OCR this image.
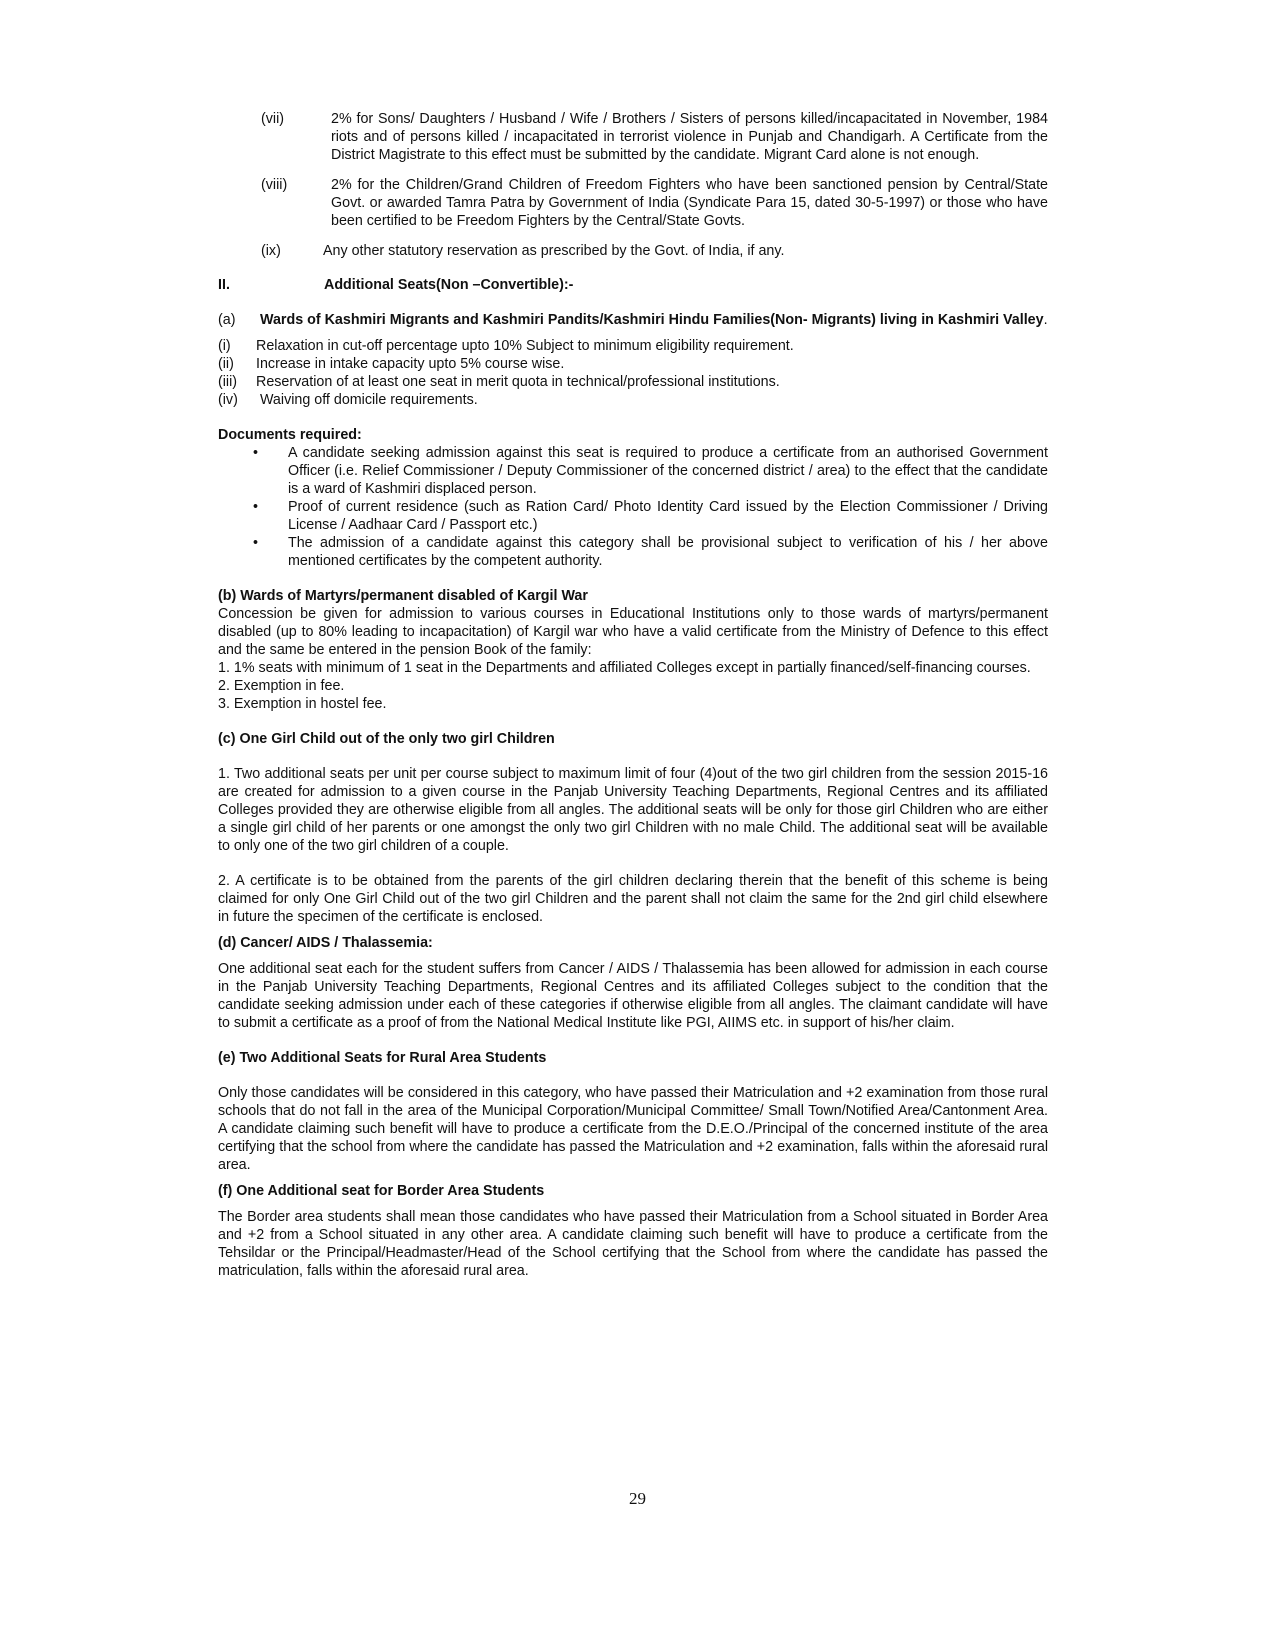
(vii)	2% for Sons/ Daughters / Husband / Wife / Brothers / Sisters of persons killed/incapacitated in November, 1984 riots and of persons killed / incapacitated in terrorist violence in Punjab and Chandigarh. A Certificate from the District Magistrate to this effect must be submitted by the candidate. Migrant Card alone is not enough.
(viii)	2% for the Children/Grand Children of Freedom Fighters who have been sanctioned pension by Central/State Govt. or awarded Tamra Patra by Government of India (Syndicate Para 15, dated 30-5-1997) or those who have been certified to be Freedom Fighters by the Central/State Govts.
(ix)	Any other statutory reservation as prescribed by the Govt. of India, if any.
II.	Additional Seats(Non –Convertible):-
(a)	Wards of Kashmiri Migrants and Kashmiri Pandits/Kashmiri Hindu Families(Non- Migrants) living in Kashmiri Valley.
(i)	Relaxation in cut-off percentage upto 10% Subject to minimum eligibility requirement.
(ii)	Increase in intake capacity upto 5% course wise.
(iii)	Reservation of at least one seat in merit quota in technical/professional institutions.
(iv)	Waiving off domicile requirements.
Documents required:
•	A candidate seeking admission against this seat is required to produce a certificate from an authorised Government Officer (i.e. Relief Commissioner / Deputy Commissioner of the concerned district / area) to the effect that the candidate is a ward of Kashmiri displaced person.
•	Proof of current residence (such as Ration Card/ Photo Identity Card issued by the Election Commissioner / Driving License / Aadhaar Card / Passport etc.)
•	The admission of a candidate against this category shall be provisional subject to verification of his / her above mentioned certificates by the competent authority.
(b) Wards of Martyrs/permanent disabled of Kargil War
Concession be given for admission to various courses in Educational Institutions only to those wards of martyrs/permanent disabled (up to 80% leading to incapacitation) of Kargil war who have a valid certificate from the Ministry of Defence to this effect and the same be entered in the pension Book of the family:
1. 1% seats with minimum of 1 seat in the Departments and affiliated Colleges except in partially financed/self-financing courses.
2. Exemption in fee.
3. Exemption in hostel fee.
(c) One Girl Child out of the only two girl Children
1. Two additional seats per unit per course subject to maximum limit of four (4)out of the two girl children from the session 2015-16 are created for admission to a given course in the Panjab University Teaching Departments, Regional Centres and its affiliated Colleges provided they are otherwise eligible from all angles. The additional seats will be only for those girl Children who are either a single girl child of her parents or one amongst the only two girl Children with no male Child. The additional seat will be available to only one of the two girl children of a couple.
2. A certificate is to be obtained from the parents of the girl children declaring therein that the benefit of this scheme is being claimed for only One Girl Child out of the two girl Children and the parent shall not claim the same for the 2nd girl child elsewhere in future the specimen of the certificate is enclosed.
(d) Cancer/ AIDS / Thalassemia:
One additional seat each for the student suffers from Cancer / AIDS / Thalassemia has been allowed for admission in each course in the Panjab University Teaching Departments, Regional Centres and its affiliated Colleges subject to the condition that the candidate seeking admission under each of these categories if otherwise eligible from all angles. The claimant candidate will have to submit a certificate as a proof of from the National Medical Institute like PGI, AIIMS etc. in support of his/her claim.
(e) Two Additional Seats for Rural Area Students
Only those candidates will be considered in this category, who have passed their Matriculation and +2 examination from those rural schools that do not fall in the area of the Municipal Corporation/Municipal Committee/ Small Town/Notified Area/Cantonment Area. A candidate claiming such benefit will have to produce a certificate from the D.E.O./Principal of the concerned institute of the area certifying that the school from where the candidate has passed the Matriculation and +2 examination, falls within the aforesaid rural area.
(f) One Additional seat for Border Area Students
The Border area students shall mean those candidates who have passed their Matriculation from a School situated in Border Area and +2 from a School situated in any other area. A candidate claiming such benefit will have to produce a certificate from the Tehsildar or the Principal/Headmaster/Head of the School certifying that the School from where the candidate has passed the matriculation, falls within the aforesaid rural area.
29
